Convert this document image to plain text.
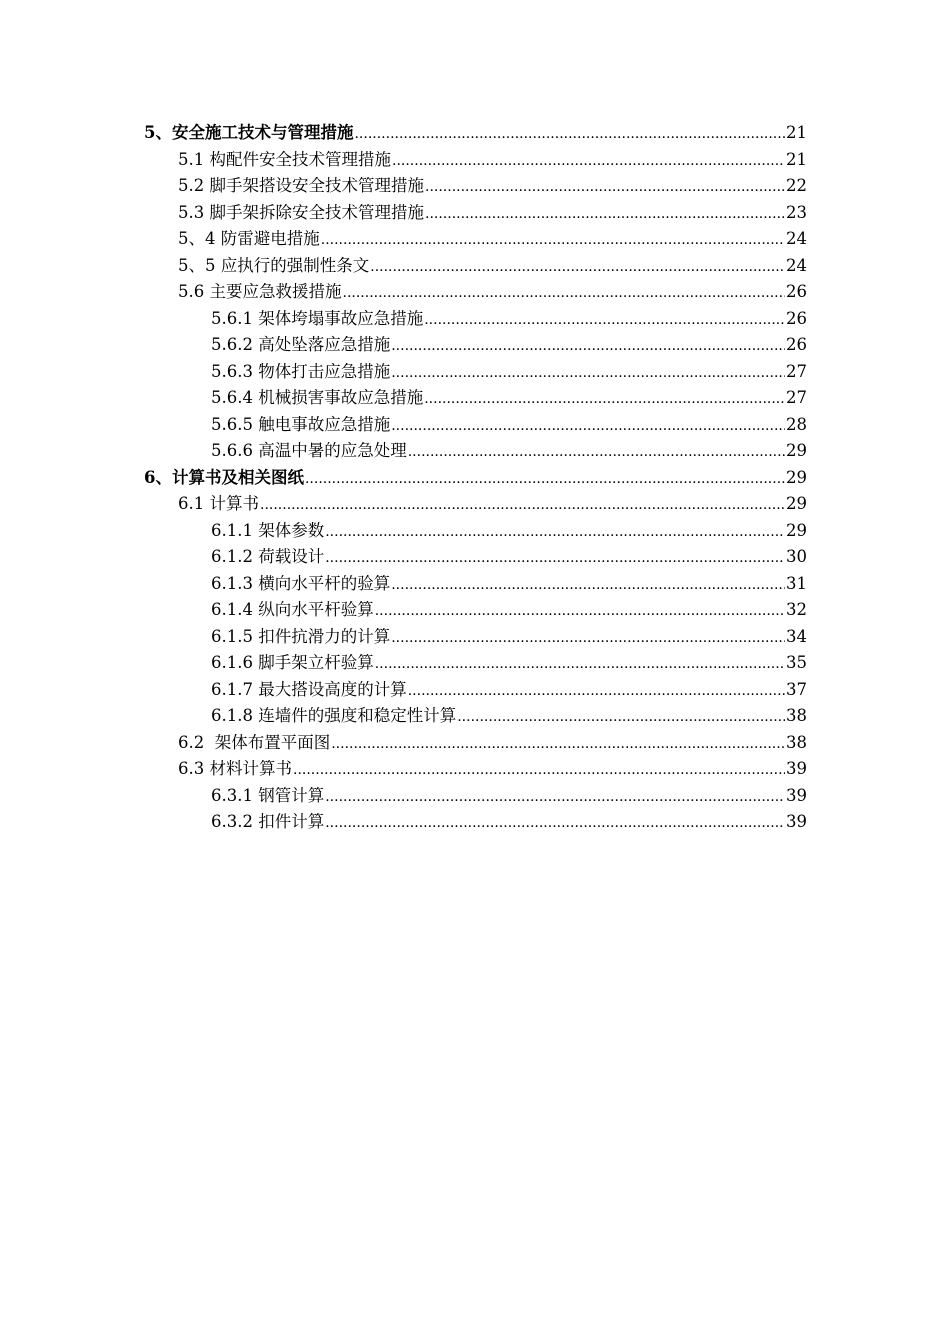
5、安全施工技术与管理措施 .....	21
5.1 构配件安全技术管理措施 .....	21
5.2 脚手架搭设安全技术管理措施 .....	22
5.3 脚手架拆除安全技术管理措施 .....	23
5、4 防雷避电措施 .....	24
5、5 应执行的强制性条文 .....	24
5.6 主要应急救援措施 .....	26
5.6.1 架体垮塌事故应急措施 .....	26
5.6.2 高处坠落应急措施 .....	26
5.6.3 物体打击应急措施 .....	27
5.6.4 机械损害事故应急措施 .....	27
5.6.5 触电事故应急措施 .....	28
5.6.6 高温中暑的应急处理 .....	29
6、计算书及相关图纸 .....	29
6.1 计算书 .....	29
6.1.1 架体参数 .....	29
6.1.2 荷载设计 .....	30
6.1.3 横向水平杆的验算 .....	31
6.1.4 纵向水平杆验算 .....	32
6.1.5 扣件抗滑力的计算 .....	34
6.1.6 脚手架立杆验算 .....	35
6.1.7 最大搭设高度的计算 .....	37
6.1.8 连墙件的强度和稳定性计算 .....	38
6.2  架体布置平面图 .....	38
6.3 材料计算书 .....	39
6.3.1 钢管计算 .....	39
6.3.2 扣件计算 .....	39
